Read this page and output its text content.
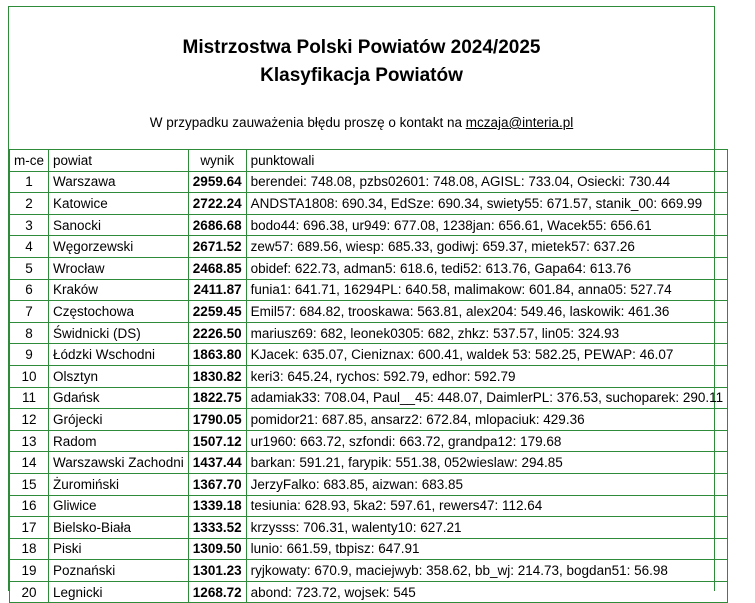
Mistrzostwa Polski Powiatów 2024/2025
Klasyfikacja Powiatów
W przypadku zauważenia błędu proszę o kontakt na mczaja@interia.pl
m-ce	powiat	wynik	punktowali
1	Warszawa	2959.64	berendei: 748.08, pzbs02601: 748.08, AGISL: 733.04, Osiecki: 730.44
2	Katowice	2722.24	ANDSTA1808: 690.34, EdSze: 690.34, swiety55: 671.57, stanik_00: 669.99
3	Sanocki	2686.68	bodo44: 696.38, ur949: 677.08, 1238jan: 656.61, Wacek55: 656.61
4	Węgorzewski	2671.52	zew57: 689.56, wiesp: 685.33, godiwj: 659.37, mietek57: 637.26
5	Wrocław	2468.85	obidef: 622.73, adman5: 618.6, tedi52: 613.76, Gapa64: 613.76
6	Kraków	2411.87	funia1: 641.71, 16294PL: 640.58, malimakow: 601.84, anna05: 527.74
7	Częstochowa	2259.45	Emil57: 684.82, trooskawa: 563.81, alex204: 549.46, laskowik: 461.36
8	Świdnicki (DS)	2226.50	mariusz69: 682, leonek0305: 682, zhkz: 537.57, lin05: 324.93
9	Łódzki Wschodni	1863.80	KJacek: 635.07, Cieniznax: 600.41, waldek 53: 582.25, PEWAP: 46.07
10	Olsztyn	1830.82	keri3: 645.24, rychos: 592.79, edhor: 592.79
11	Gdańsk	1822.75	adamiak33: 708.04, Paul__45: 448.07, DaimlerPL: 376.53, suchoparek: 290.11
12	Grójecki	1790.05	pomidor21: 687.85, ansarz2: 672.84, mlopaciuk: 429.36
13	Radom	1507.12	ur1960: 663.72, szfondi: 663.72, grandpa12: 179.68
14	Warszawski Zachodni	1437.44	barkan: 591.21, farypik: 551.38, 052wieslaw: 294.85
15	Żuromiński	1367.70	JerzyFalko: 683.85, aizwan: 683.85
16	Gliwice	1339.18	tesiunia: 628.93, 5ka2: 597.61, rewers47: 112.64
17	Bielsko-Biała	1333.52	krzysss: 706.31, walenty10: 627.21
18	Piski	1309.50	lunio: 661.59, tbpisz: 647.91
19	Poznański	1301.23	ryjkowaty: 670.9, maciejwyb: 358.62, bb_wj: 214.73, bogdan51: 56.98
20	Legnicki	1268.72	abond: 723.72, wojsek: 545
